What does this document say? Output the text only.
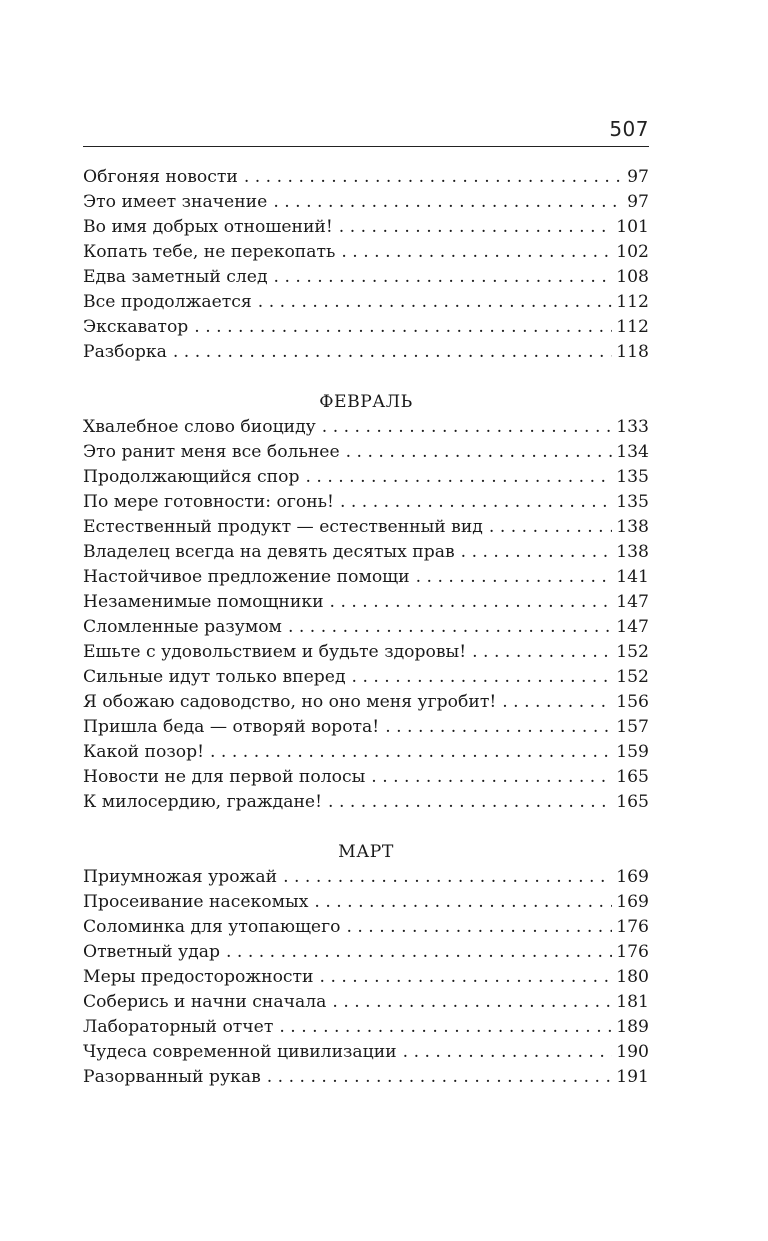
507
Обгоняя новости . . .	97
Это имеет значение . . .	97
Во имя добрых отношений! . . .	101
Копать тебе, не перекопать . . .	102
Едва заметный след . . .	108
Все продолжается . . .	112
Экскаватор . . .	112
Разборка . . .	118
ФЕВРАЛЬ
Хвалебное слово биоциду . . .	133
Это ранит меня все больнее . . .	134
Продолжающийся спор . . .	135
По мере готовности: огонь! . . .	135
Естественный продукт — естественный вид . . .	138
Владелец всегда на девять десятых прав . . .	138
Настойчивое предложение помощи . . .	141
Незаменимые помощники . . .	147
Сломленные разумом . . .	147
Ешьте с удовольствием и будьте здоровы! . . .	152
Сильные идут только вперед . . .	152
Я обожаю садоводство, но оно меня угробит! . . .	156
Пришла беда — отворяй ворота! . . .	157
Какой позор! . . .	159
Новости не для первой полосы . . .	165
К милосердию, граждане! . . .	165
МАРТ
Приумножая урожай . . .	169
Просеивание насекомых . . .	169
Соломинка для утопающего . . .	176
Ответный удар . . .	176
Меры предосторожности . . .	180
Соберись и начни сначала . . .	181
Лабораторный отчет . . .	189
Чудеса современной цивилизации . . .	190
Разорванный рукав . . .	191
